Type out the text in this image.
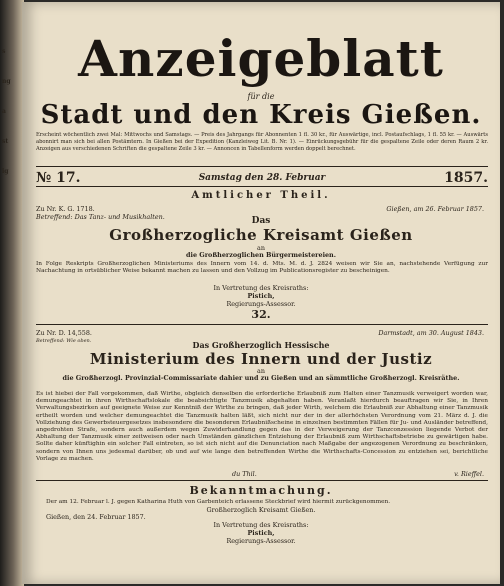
s
ng
a
st
ig
Anzeigeblatt
für die
Stadt und den Kreis Gießen.
Erscheint wöchentlich zwei Mal: Mittwochs und Samstags. — Preis des Jahrgangs für Abonnenten 1 fl. 30 kr., für Auswärtige, incl. Postaufschlags, 1 fl. 55 kr. — Auswärts abonnirt man sich bei allen Postämtern. In Gießen bei der Expedition (Kanzleiweg Lit. B. Nr. 1). — Einrückungsgebühr für die gespaltene Zeile oder deren Raum 2 kr. Anzeigen aus verschiedenen Schriften die gespaltene Zeile 3 kr. — Annoncen in Tabellenform werden doppelt berechnet.
№ 17.	Samstag den 28. Februar	1857.
Amtlicher Theil.
Zu Nr. K. G. 1718.
Betreffend: Das Tanz- und Musikhalten.
Gießen, am 26. Februar 1857.
Das
Großherzogliche Kreisamt Gießen
an
die Großherzoglichen Bürgermeistereien.
In Folge Reskripts Großherzoglichen Ministeriums des Innern vom 14. d. Mts. M. d. J. 2824 weisen wir Sie an, nachstehende Verfügung zur Nachachtung in ortsüblicher Weise bekannt machen zu lassen und den Vollzug im Publicationsregister zu bescheinigen.
In Vertretung des Kreisraths:
Pistich,
Regierungs-Assessor.
32.
Zu Nr. D. 14,558.
Betreffend: Wie oben.
Darmstadt, am 30. August 1843.
Das Großherzoglich Hessische
Ministerium des Innern und der Justiz
an
die Großherzogl. Provinzial-Commissariate dahier und zu Gießen und an sämmtliche Großherzogl. Kreisräthe.
Es ist hiebei der Fall vorgekommen, daß Wirthe, obgleich denselben die erforderliche Erlaubniß zum Halten einer Tanzmusik verweigert worden war, demungeachtet in ihren Wirthschaftslokale die beabsichtigte Tanzmusik abgehalten haben. Veranlaßt hierdurch beauftragen wir Sie, in Ihren Verwaltungsbezirken auf geeignete Weise zur Kenntniß der Wirthe zu bringen, daß jeder Wirth, welchem die Erlaubniß zur Abhaltung einer Tanzmusik ertheilt worden und welcher demungeachtet die Tanzmusik halten läßt, sich nicht nur der in der allerhöchsten Verordnung vom 21. März d. J. die Vollziehung des Gewerbsteuergesetzes insbesondere die besonderen Erlaubnißscheine in einzelnen bestimmten Fällen für Ju- und Ausländer betreffend, angedrohten Strafe, sondern auch außerdem wegen Zuwiderhandlung gegen das in der Verweigerung der Tanzconzession liegende Verbot der Abhaltung der Tanzmusik einer zeitweisen oder nach Umständen gänzlichen Entziehung der Erlaubniß zum Wirthschaftsbetriebe zu gewärtigen habe. Sollte daher künftighin ein solcher Fall eintreten, so ist sich nicht auf die Denunciation nach Maßgabe der angezogenen Verordnung zu beschränken, sondern von Ihnen uns jedesmal darüber, ob und auf wie lange den betreffenden Wirthe die Wirthschafts-Concession zu entziehen sei, berichtliche Vorlage zu machen.
du Thil.	v. Rieffel.
Bekanntmachung.
Der am 12. Februar l. J. gegen Katharina Huth von Garbenteich erlassene Steckbrief wird hiermit zurückgenommen.
Großherzoglich Kreisamt Gießen.
Gießen, den 24. Februar 1857.
In Vertretung des Kreisraths:
Pistich,
Regierungs-Assessor.
